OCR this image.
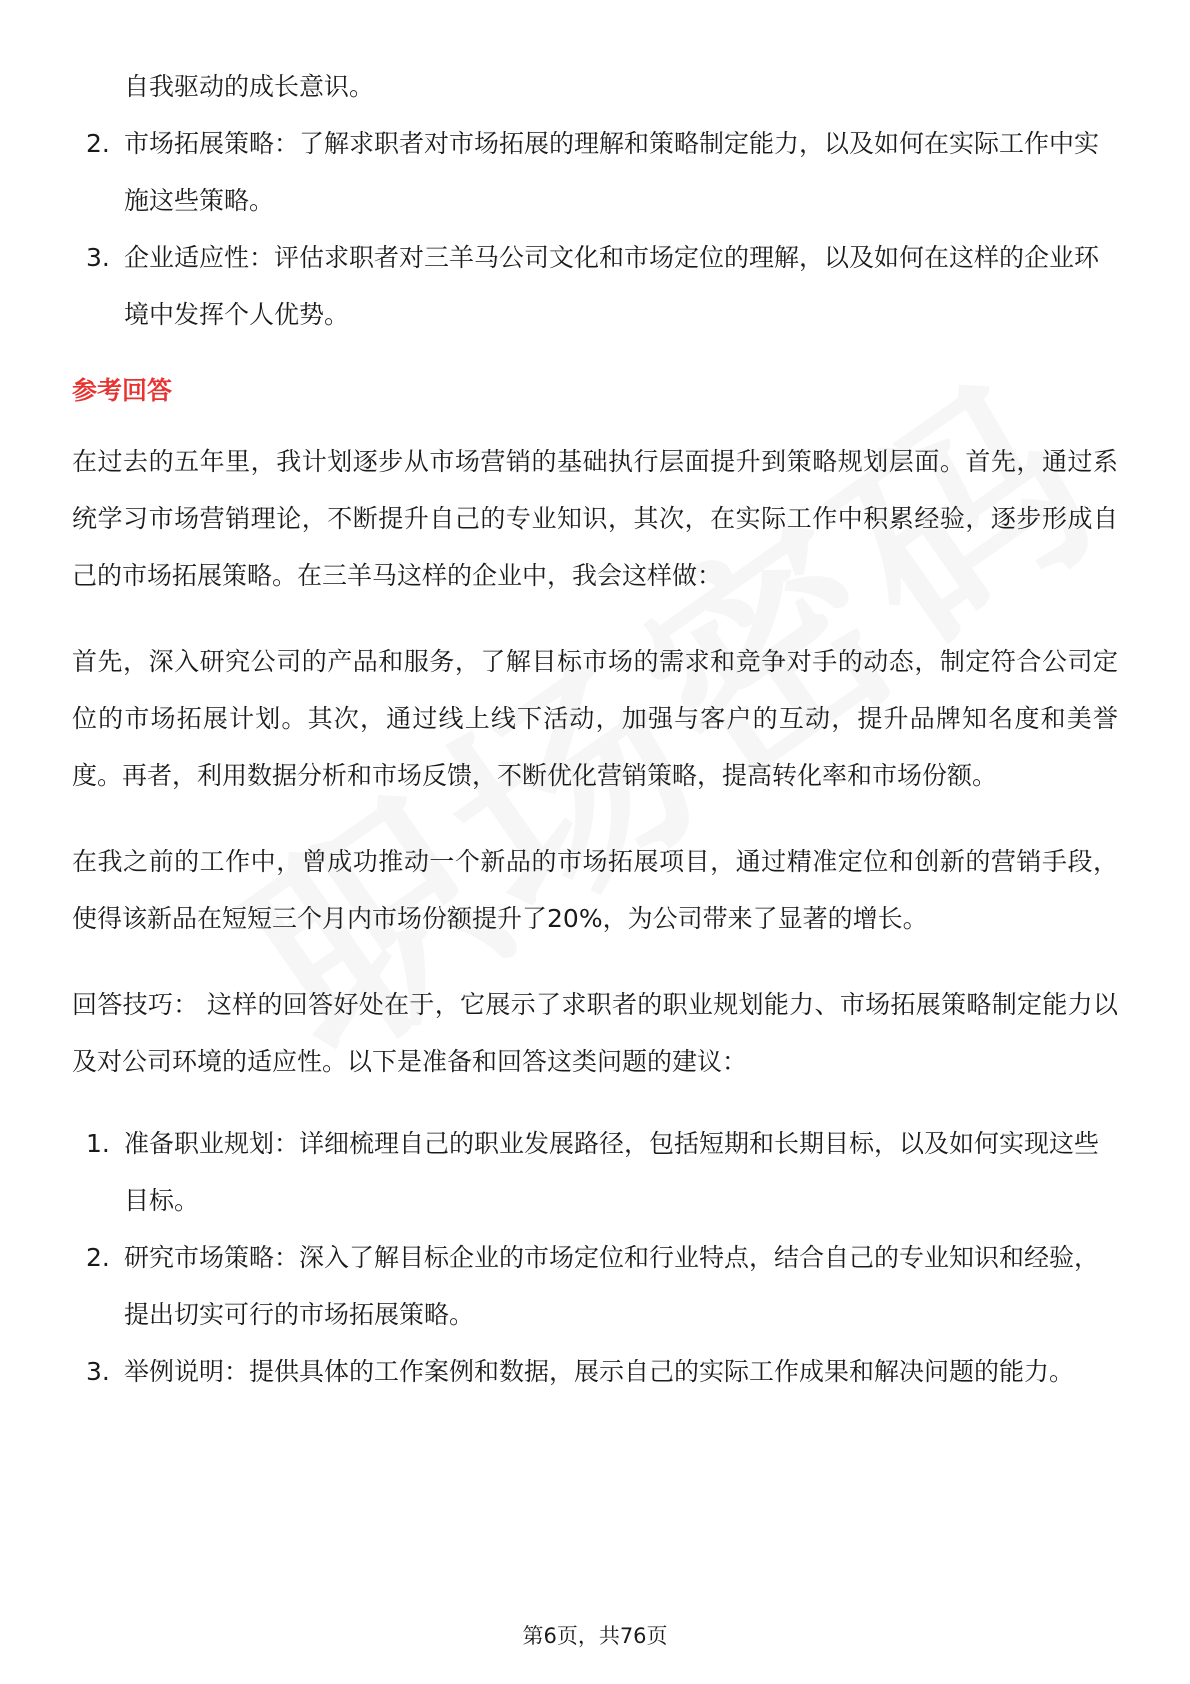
自我驱动的成长意识。
2. 市场拓展策略：了解求职者对市场拓展的理解和策略制定能力，以及如何在实际工作中实施这些策略。
3. 企业适应性：评估求职者对三羊马公司文化和市场定位的理解，以及如何在这样的企业环境中发挥个人优势。
参考回答

在过去的五年里，我计划逐步从市场营销的基础执行层面提升到策略规划层面。首先，通过系统学习市场营销理论，不断提升自己的专业知识，其次，在实际工作中积累经验，逐步形成自己的市场拓展策略。在三羊马这样的企业中，我会这样做：

首先，深入研究公司的产品和服务，了解目标市场的需求和竞争对手的动态，制定符合公司定位的市场拓展计划。其次，通过线上线下活动，加强与客户的互动，提升品牌知名度和美誉度。再者，利用数据分析和市场反馈，不断优化营销策略，提高转化率和市场份额。

在我之前的工作中，曾成功推动一个新品的市场拓展项目，通过精准定位和创新的营销手段，使得该新品在短短三个月内市场份额提升了20%，为公司带来了显著的增长。

回答技巧： 这样的回答好处在于，它展示了求职者的职业规划能力、市场拓展策略制定能力以及对公司环境的适应性。以下是准备和回答这类问题的建议：

1. 准备职业规划：详细梳理自己的职业发展路径，包括短期和长期目标，以及如何实现这些目标。
2. 研究市场策略：深入了解目标企业的市场定位和行业特点，结合自己的专业知识和经验，提出切实可行的市场拓展策略。
3. 举例说明：提供具体的工作案例和数据，展示自己的实际工作成果和解决问题的能力。
第6页，共76页
